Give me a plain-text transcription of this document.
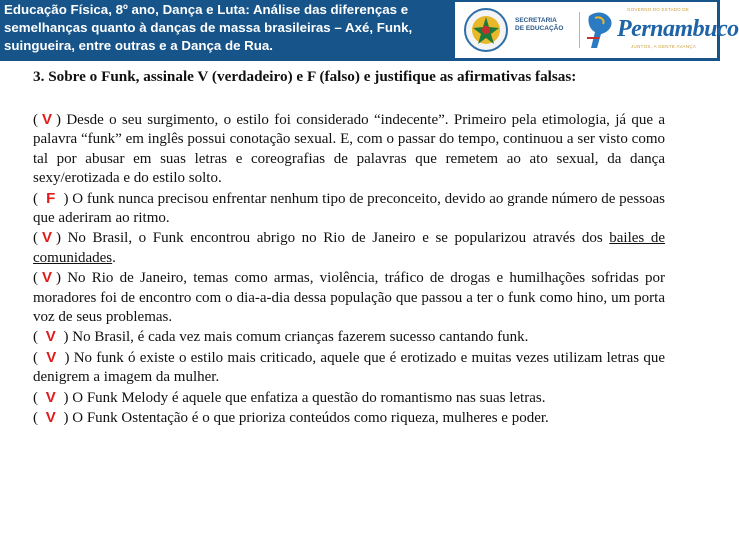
Educação Física, 8º ano, Dança e Luta: Análise das diferenças e semelhanças quanto à danças de massa brasileiras – Axé, Funk, suingueira, entre outras e a Dança de Rua.
SECRETARIA
DE EDUCAÇÃO
GOVERNO DO ESTADO DE
Pernambuco
JUNTOS, A GENTE AVANÇA

3. Sobre o Funk, assinale V (verdadeiro) e F (falso) e justifique as afirmativas falsas:

( V ) Desde o seu surgimento, o estilo foi considerado “indecente”. Primeiro pela etimologia, já que a palavra “funk” em inglês possui conotação sexual. E, com o passar do tempo, continuou a ser visto como tal por abusar em suas letras e coreografias de palavras que remetem ao ato sexual, da dança sexy/erotizada e do estilo solto.

( F ) O funk nunca precisou enfrentar nenhum tipo de preconceito, devido ao grande número de pessoas que aderiram ao ritmo.

( V ) No Brasil, o Funk encontrou abrigo no Rio de Janeiro e se popularizou através dos bailes de comunidades.

( V ) No Rio de Janeiro, temas como armas, violência, tráfico de drogas e humilhações sofridas por moradores foi de encontro com o dia-a-dia dessa população que passou a ter o funk como hino, um porta voz de seus problemas.

( V ) No Brasil, é cada vez mais comum crianças fazerem sucesso cantando funk.

( V ) No funk ó existe o estilo mais criticado, aquele que é erotizado e muitas vezes utilizam letras que denigrem a imagem da mulher.

( V ) O Funk Melody é aquele que enfatiza a questão do romantismo nas suas letras.

( V ) O Funk Ostentação é o que prioriza conteúdos como riqueza, mulheres e poder.
